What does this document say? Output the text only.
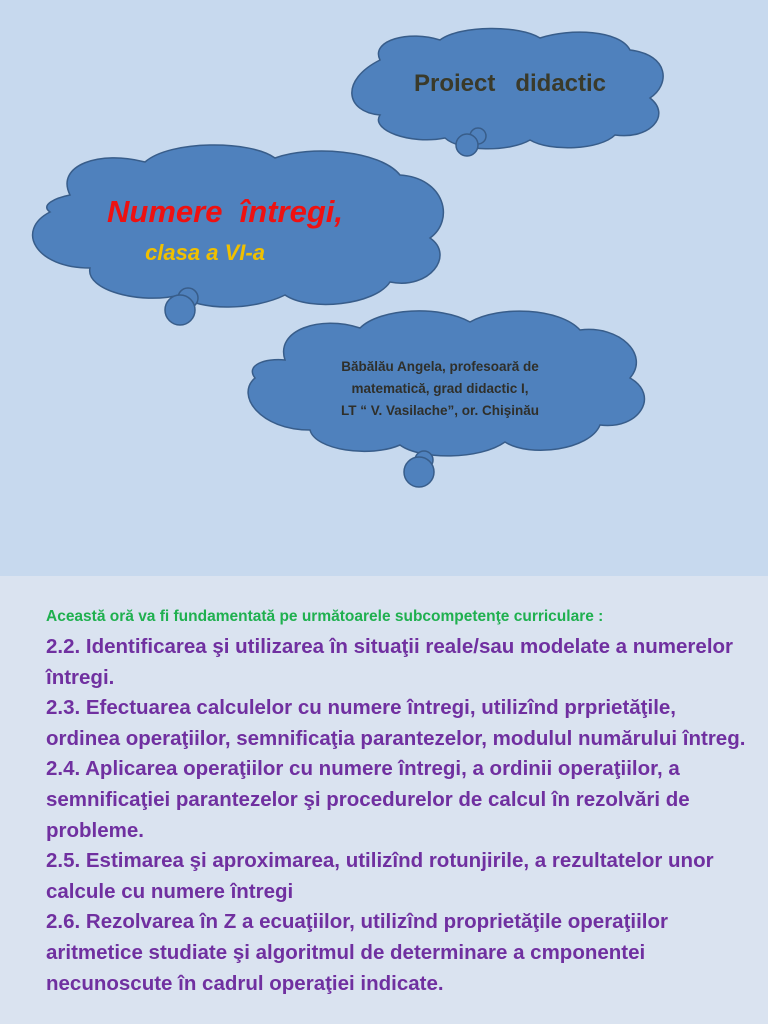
Proiect   didactic
Numere  întregi,
clasa a VI-a
Băbălău Angela, profesoară de
matematică, grad didactic I,
LT “ V. Vasilache”, or. Chişinău
Această oră va fi fundamentată pe următoarele subcompetenţe curriculare :
2.2. Identificarea şi utilizarea în situaţii reale/sau modelate a numerelor întregi.
2.3. Efectuarea calculelor cu numere întregi, utilizînd prprietăţile, ordinea operaţiilor, semnificaţia parantezelor, modulul numărului întreg.
2.4. Aplicarea operaţiilor cu numere întregi, a ordinii operaţiilor, a semnificaţiei parantezelor şi procedurelor de calcul în rezolvări de probleme.
2.5. Estimarea şi aproximarea, utilizînd rotunjirile, a rezultatelor unor calcule cu numere întregi
2.6. Rezolvarea în Z a ecuaţiilor, utilizînd proprietăţile operaţiilor aritmetice studiate şi algoritmul de determinare a cmponentei necunoscute în cadrul operaţiei indicate.
